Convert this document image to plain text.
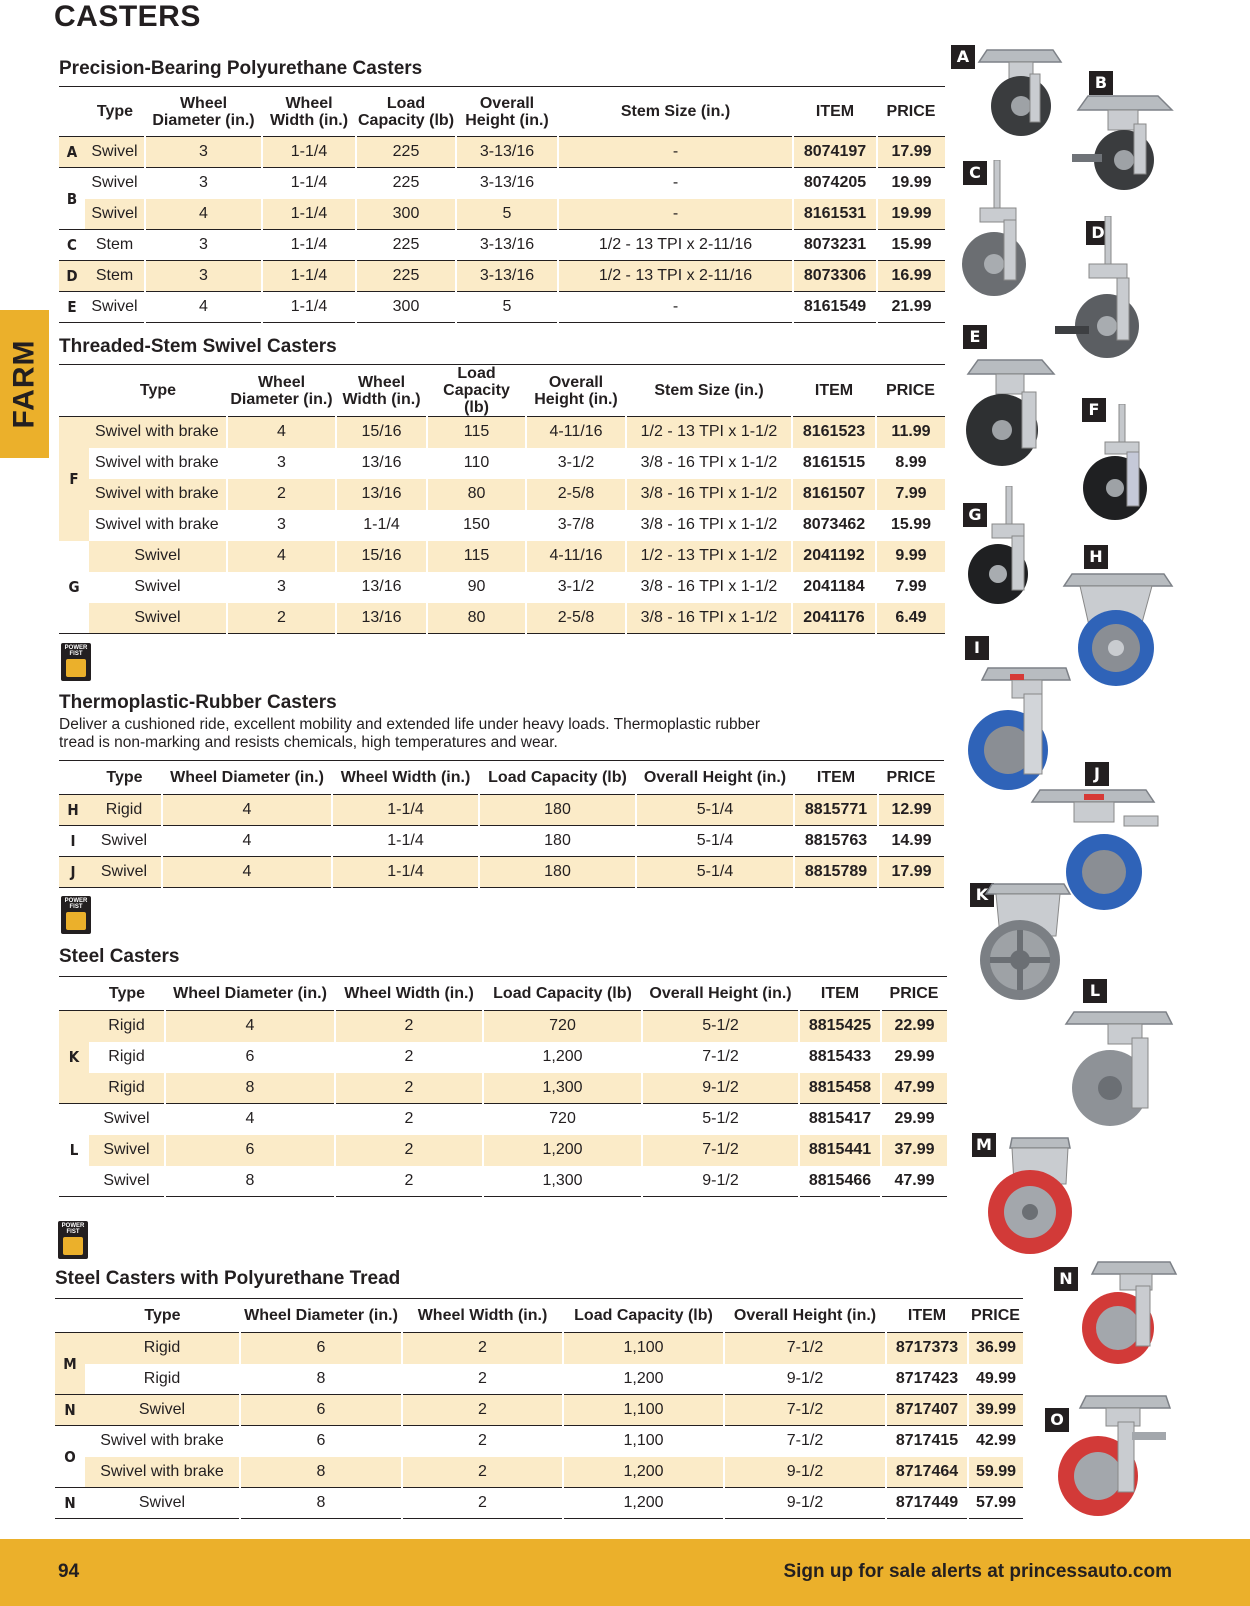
CASTERS
FARM
Precision-Bearing Polyurethane Casters
	Type	Wheel Diameter (in.)	Wheel Width (in.)	Load Capacity (lb)	Overall Height (in.)	Stem Size (in.)	ITEM	PRICE
A	Swivel	3	1-1/4	225	3-13/16	-	8074197	17.99
B	Swivel	3	1-1/4	225	3-13/16	-	8074205	19.99
	Swivel	4	1-1/4	300	5	-	8161531	19.99
C	Stem	3	1-1/4	225	3-13/16	1/2 - 13 TPI x 2-11/16	8073231	15.99
D	Stem	3	1-1/4	225	3-13/16	1/2 - 13 TPI x 2-11/16	8073306	16.99
E	Swivel	4	1-1/4	300	5	-	8161549	21.99
Threaded-Stem Swivel Casters
	Type	Wheel Diameter (in.)	Wheel Width (in.)	Load Capacity (lb)	Overall Height (in.)	Stem Size (in.)	ITEM	PRICE
F	Swivel with brake	4	15/16	115	4-11/16	1/2 - 13 TPI x 1-1/2	8161523	11.99
	Swivel with brake	3	13/16	110	3-1/2	3/8 - 16 TPI x 1-1/2	8161515	8.99
	Swivel with brake	2	13/16	80	2-5/8	3/8 - 16 TPI x 1-1/2	8161507	7.99
	Swivel with brake	3	1-1/4	150	3-7/8	3/8 - 16 TPI x 1-1/2	8073462	15.99
G	Swivel	4	15/16	115	4-11/16	1/2 - 13 TPI x 1-1/2	2041192	9.99
	Swivel	3	13/16	90	3-1/2	3/8 - 16 TPI x 1-1/2	2041184	7.99
	Swivel	2	13/16	80	2-5/8	3/8 - 16 TPI x 1-1/2	2041176	6.49
POWER FIST
POWER FIST
POWER FIST
Thermoplastic-Rubber Casters
Deliver a cushioned ride, excellent mobility and extended life under heavy loads. Thermoplastic rubber tread is non-marking and resists chemicals, high temperatures and wear.
	Type	Wheel Diameter (in.)	Wheel Width (in.)	Load Capacity (lb)	Overall Height (in.)	ITEM	PRICE
H	Rigid	4	1-1/4	180	5-1/4	8815771	12.99
I	Swivel	4	1-1/4	180	5-1/4	8815763	14.99
J	Swivel	4	1-1/4	180	5-1/4	8815789	17.99
Steel Casters
	Type	Wheel Diameter (in.)	Wheel Width (in.)	Load Capacity (lb)	Overall Height (in.)	ITEM	PRICE
K	Rigid	4	2	720	5-1/2	8815425	22.99
	Rigid	6	2	1,200	7-1/2	8815433	29.99
	Rigid	8	2	1,300	9-1/2	8815458	47.99
L	Swivel	4	2	720	5-1/2	8815417	29.99
	Swivel	6	2	1,200	7-1/2	8815441	37.99
	Swivel	8	2	1,300	9-1/2	8815466	47.99
Steel Casters with Polyurethane Tread
	Type	Wheel Diameter (in.)	Wheel Width (in.)	Load Capacity (lb)	Overall Height (in.)	ITEM	PRICE
M	Rigid	6	2	1,100	7-1/2	8717373	36.99
	Rigid	8	2	1,200	9-1/2	8717423	49.99
N	Swivel	6	2	1,100	7-1/2	8717407	39.99
O	Swivel with brake	6	2	1,100	7-1/2	8717415	42.99
	Swivel with brake	8	2	1,200	9-1/2	8717464	59.99
N	Swivel	8	2	1,200	9-1/2	8717449	57.99
A
B
C
D
E
F
G
H
I
J
K
L
M
N
O
94	Sign up for sale alerts at princessauto.com
